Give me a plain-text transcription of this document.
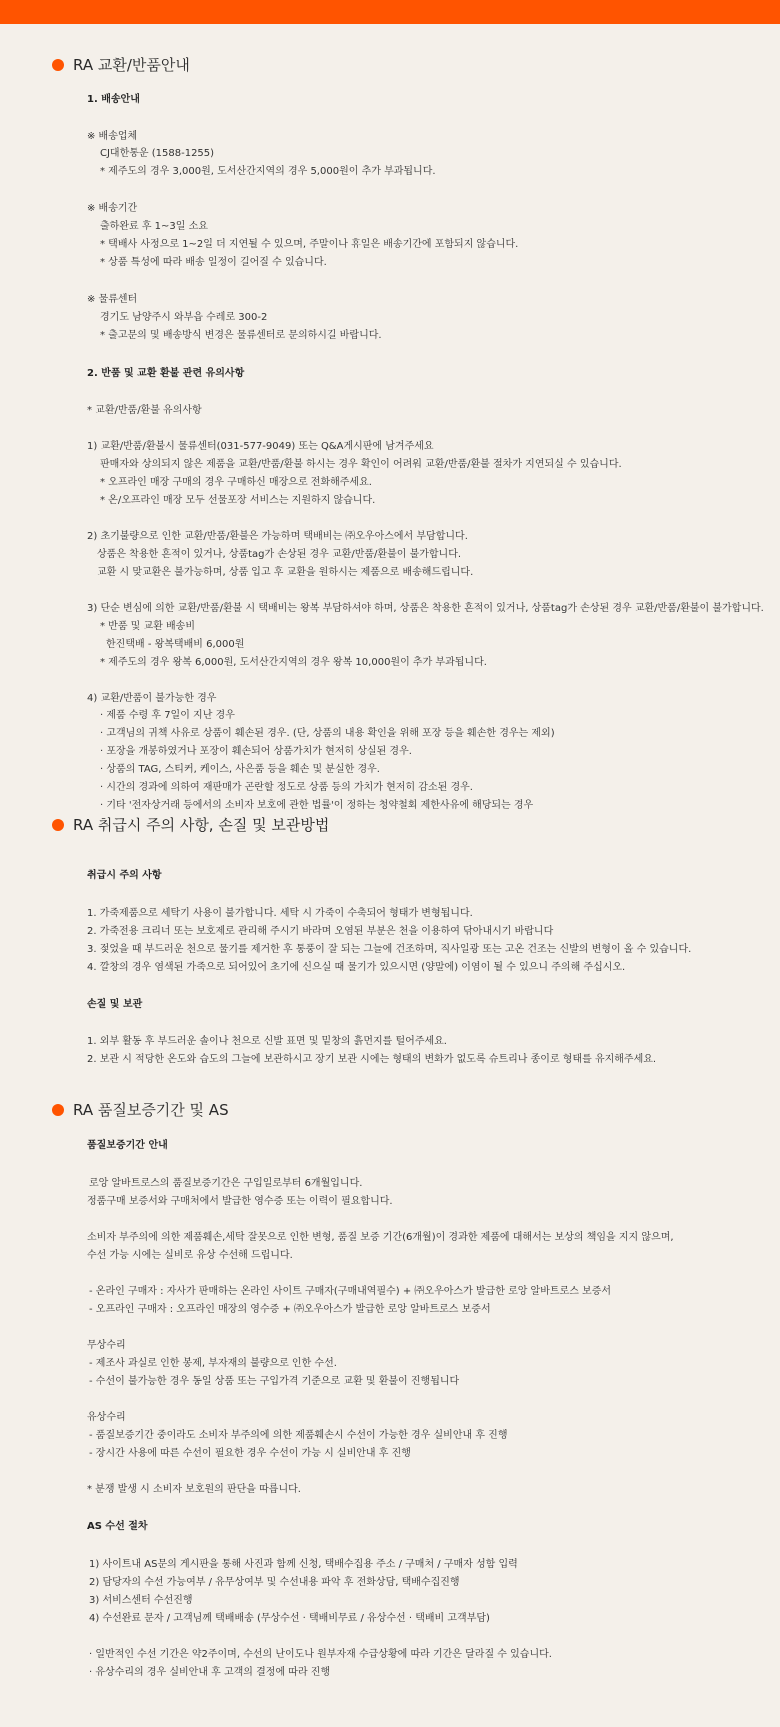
RA 교환/반품안내
1. 배송안내
※ 배송업체
CJ대한통운 (1588-1255)
* 제주도의 경우 3,000원, 도서산간지역의 경우 5,000원이 추가 부과됩니다.
※ 배송기간
출하완료 후 1~3일 소요
* 택배사 사정으로 1~2일 더 지연될 수 있으며, 주말이나 휴일은 배송기간에 포함되지 않습니다.
* 상품 특성에 따라 배송 일정이 길어질 수 있습니다.
※ 물류센터
경기도 남양주시 와부읍 수레로 300-2
* 출고문의 및 배송방식 변경은 물류센터로 문의하시길 바랍니다.
2. 반품 및 교환 환불 관련 유의사항
* 교환/반품/환불 유의사항
1) 교환/반품/환불시 물류센터(031-577-9049) 또는 Q&A게시판에 남겨주세요
판매자와 상의되지 않은 제품을 교환/반품/환불 하시는 경우 확인이 어려워 교환/반품/환불 절차가 지연되실 수 있습니다.
* 오프라인 매장 구매의 경우 구매하신 매장으로 전화해주세요.
* 온/오프라인 매장 모두 선물포장 서비스는 지원하지 않습니다.
2) 초기불량으로 인한 교환/반품/환불은 가능하며 택배비는 ㈜오우아스에서 부담합니다.
상품은 착용한 흔적이 있거나, 상품tag가 손상된 경우 교환/반품/환불이 불가합니다.
교환 시 맞교환은 불가능하며, 상품 입고 후 교환을 원하시는 제품으로 배송해드립니다.
3) 단순 변심에 의한 교환/반품/환불 시 택배비는 왕복 부담하셔야 하며, 상품은 착용한 흔적이 있거나, 상품tag가 손상된 경우 교환/반품/환불이 불가합니다.
* 반품 및 교환 배송비
한진택배 - 왕복택배비 6,000원
* 제주도의 경우 왕복 6,000원, 도서산간지역의 경우 왕복 10,000원이 추가 부과됩니다.
4) 교환/반품이 불가능한 경우
· 제품 수령 후 7일이 지난 경우
· 고객님의 귀책 사유로 상품이 훼손된 경우. (단, 상품의 내용 확인을 위해 포장 등을 훼손한 경우는 제외)
· 포장을 개봉하였거나 포장이 훼손되어 상품가치가 현저히 상실된 경우.
· 상품의 TAG, 스티커, 케이스, 사은품 등을 훼손 및 분실한 경우.
· 시간의 경과에 의하여 재판매가 곤란할 정도로 상품 등의 가치가 현저히 감소된 경우.
· 기타 '전자상거래 등에서의 소비자 보호에 관한 법률'이 정하는 청약철회 제한사유에 해당되는 경우
RA 취급시 주의 사항, 손질 및 보관방법
취급시 주의 사항
1. 가죽제품으로 세탁기 사용이 불가합니다. 세탁 시 가죽이 수축되어 형태가 변형됩니다.
2. 가죽전용 크리너 또는 보호제로 관리해 주시기 바라며 오염된 부분은 천을 이용하여 닦아내시기 바랍니다
3. 젖었을 때 부드러운 천으로 물기를 제거한 후 통풍이 잘 되는 그늘에 건조하며, 직사일광 또는 고온 건조는 신발의 변형이 올 수 있습니다.
4. 깔창의 경우 염색된 가죽으로 되어있어 초기에 신으실 때 물기가 있으시면 (양말에) 이염이 될 수 있으니 주의해 주십시오.
손질 및 보관
1. 외부 활동 후 부드러운 솔이나 천으로 신발 표면 및 밑창의 흙먼지를 털어주세요.
2. 보관 시 적당한 온도와 습도의 그늘에 보관하시고 장기 보관 시에는 형태의 변화가 없도록 슈트리나 종이로 형태를 유지해주세요.
RA 품질보증기간 및 AS
품질보증기간 안내
로앙 알바트로스의 품질보증기간은 구입일로부터 6개월입니다.
정품구매 보증서와 구매처에서 발급한 영수증 또는 이력이 필요합니다.
소비자 부주의에 의한 제품훼손,세탁 잘못으로 인한 변형, 품질 보증 기간(6개월)이 경과한 제품에 대해서는 보상의 책임을 지지 않으며,
수선 가능 시에는 실비로 유상 수선해 드립니다.
- 온라인 구매자 : 자사가 판매하는 온라인 사이트 구매자(구매내역필수) + ㈜오우아스가 발급한 로앙 알바트로스 보증서
- 오프라인 구매자 : 오프라인 매장의 영수증 + ㈜오우아스가 발급한 로앙 알바트로스 보증서
무상수리
- 제조사 과실로 인한 봉제, 부자재의 불량으로 인한 수선.
- 수선이 불가능한 경우 동일 상품 또는 구입가격 기준으로 교환 및 환불이 진행됩니다
유상수리
- 품질보증기간 중이라도 소비자 부주의에 의한 제품훼손시 수선이 가능한 경우 실비안내 후 진행
- 장시간 사용에 따른 수선이 필요한 경우 수선이 가능 시 실비안내 후 진행
* 분쟁 발생 시 소비자 보호원의 판단을 따릅니다.
AS 수선 절차
1) 사이트내 AS문의 게시판을 통해 사진과 함께 신청, 택배수집용 주소 / 구매처 / 구매자 성함 입력
2) 담당자의 수선 가능여부 / 유무상여부 및 수선내용 파악 후 전화상담, 택배수집진행
3) 서비스센터 수선진행
4) 수선완료 문자 / 고객님께 택배배송 (무상수선 · 택배비무료 / 유상수선 · 택배비 고객부담)
· 일반적인 수선 기간은 약2주이며, 수선의 난이도나 원부자재 수급상황에 따라 기간은 달라질 수 있습니다.
· 유상수리의 경우 실비안내 후 고객의 결정에 따라 진행
